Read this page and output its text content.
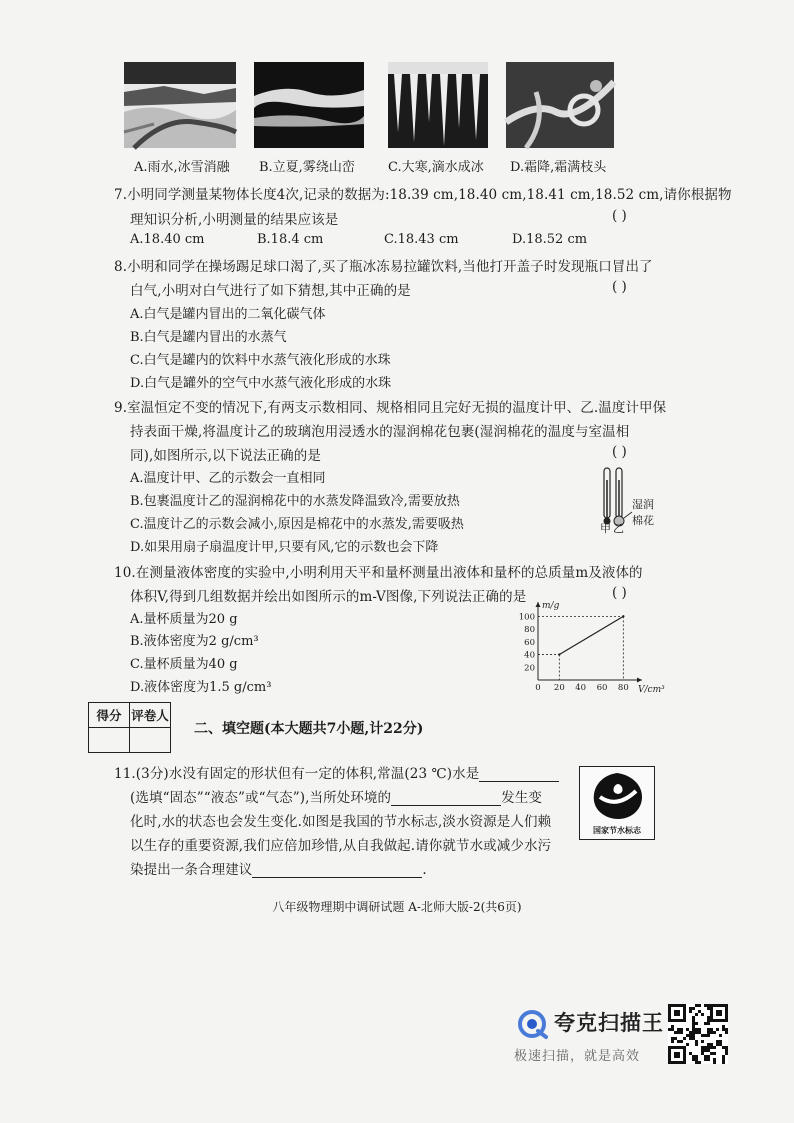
A.雨水,冰雪消融 B.立夏,雾绕山峦	C.大寒,滴水成冰 D.霜降,霜满枝头
7.小明同学测量某物体长度4次,记录的数据为:18.39 cm,18.40 cm,18.41 cm,18.52 cm,请你根据物
理知识分析,小明测量的结果应该是	( )
A.18.40 cm	B.18.4 cm	C.18.43 cm	D.18.52 cm
8.小明和同学在操场踢足球口渴了,买了瓶冰冻易拉罐饮料,当他打开盖子时发现瓶口冒出了
白气,小明对白气进行了如下猜想,其中正确的是	( )
A.白气是罐内冒出的二氧化碳气体
B.白气是罐内冒出的水蒸气
C.白气是罐内的饮料中水蒸气液化形成的水珠
D.白气是罐外的空气中水蒸气液化形成的水珠
9.室温恒定不变的情况下,有两支示数相同、规格相同且完好无损的温度计甲、乙.温度计甲保
持表面干燥,将温度计乙的玻璃泡用浸透水的湿润棉花包裹(湿润棉花的温度与室温相
同),如图所示,以下说法正确的是	( )
A.温度计甲、乙的示数会一直相同
B.包裹温度计乙的湿润棉花中的水蒸发降温致冷,需要放热
C.温度计乙的示数会减小,原因是棉花中的水蒸发,需要吸热
D.如果用扇子扇温度计甲,只要有风,它的示数也会下降
甲 乙
湿润
棉花
10.在测量液体密度的实验中,小明利用天平和量杯测量出液体和量杯的总质量m及液体的
体积V,得到几组数据并绘出如图所示的m-V图像,下列说法正确的是	( )
A.量杯质量为20 g
B.液体密度为2 g/cm³
C.量杯质量为40 g
D.液体密度为1.5 g/cm³
m/g
V/cm³
20
40
60
80
100
0 20 40 60 80
得分	评卷人

二、填空题(本大题共7小题,计22分)
11.(3分)水没有固定的形状但有一定的体积,常温(23 ℃)水是
(选填“固态”“液态”或“气态”),当所处环境的	发生变
化时,水的状态也会发生变化.如图是我国的节水标志,淡水资源是人们赖
以生存的重要资源,我们应倍加珍惜,从自我做起.请你就节水或减少水污
染提出一条合理建议	.
国家节水标志
八年级物理期中调研试题 A-北师大版-2(共6页)
夸克扫描王
极速扫描，就是高效
